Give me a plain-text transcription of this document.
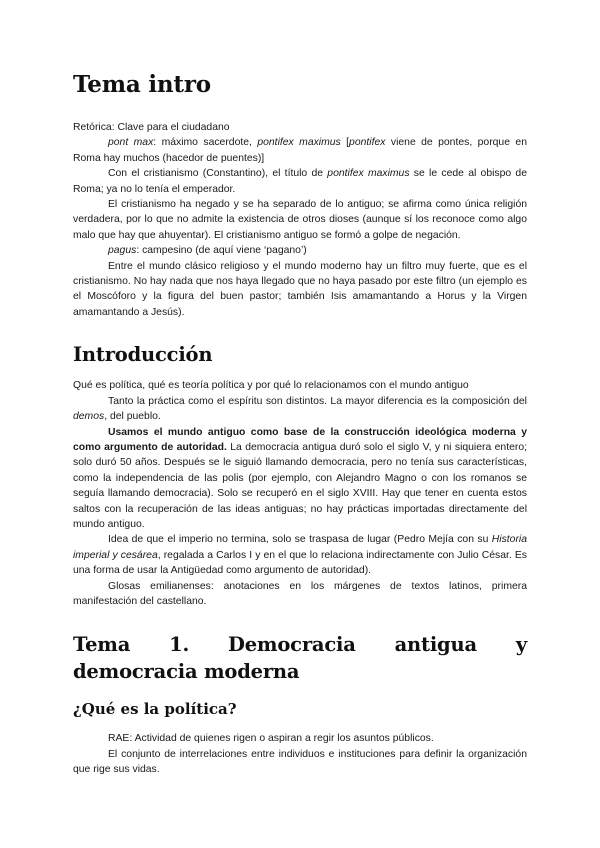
Tema intro

Retórica: Clave para el ciudadano

pont max: máximo sacerdote, pontifex maximus [pontifex viene de pontes, porque en Roma hay muchos (hacedor de puentes)]

Con el cristianismo (Constantino), el título de pontifex maximus se le cede al obispo de Roma; ya no lo tenía el emperador.

El cristianismo ha negado y se ha separado de lo antiguo; se afirma como única religión verdadera, por lo que no admite la existencia de otros dioses (aunque sí los reconoce como algo malo que hay que ahuyentar). El cristianismo antiguo se formó a golpe de negación.

pagus: campesino (de aquí viene ‘pagano’)

Entre el mundo clásico religioso y el mundo moderno hay un filtro muy fuerte, que es el cristianismo. No hay nada que nos haya llegado que no haya pasado por este filtro (un ejemplo es el Moscóforo y la figura del buen pastor; también Isis amamantando a Horus y la Virgen amamantando a Jesús).

Introducción

Qué es política, qué es teoría política y por qué lo relacionamos con el mundo antiguo

Tanto la práctica como el espíritu son distintos. La mayor diferencia es la composición del demos, del pueblo.

Usamos el mundo antiguo como base de la construcción ideológica moderna y como argumento de autoridad. La democracia antigua duró solo el siglo V, y ni siquiera entero; solo duró 50 años. Después se le siguió llamando democracia, pero no tenía sus características, como la independencia de las polis (por ejemplo, con Alejandro Magno o con los romanos se seguía llamando democracia). Solo se recuperó en el siglo XVIII. Hay que tener en cuenta estos saltos con la recuperación de las ideas antiguas; no hay prácticas importadas directamente del mundo antiguo.

Idea de que el imperio no termina, solo se traspasa de lugar (Pedro Mejía con su Historia imperial y cesárea, regalada a Carlos I y en el que lo relaciona indirectamente con Julio César. Es una forma de usar la Antigüedad como argumento de autoridad).

Glosas emilianenses: anotaciones en los márgenes de textos latinos, primera manifestación del castellano.

Tema 1. Democracia antigua y democracia moderna
¿Qué es la política?

RAE: Actividad de quienes rigen o aspiran a regir los asuntos públicos.

El conjunto de interrelaciones entre individuos e instituciones para definir la organización que rige sus vidas.
